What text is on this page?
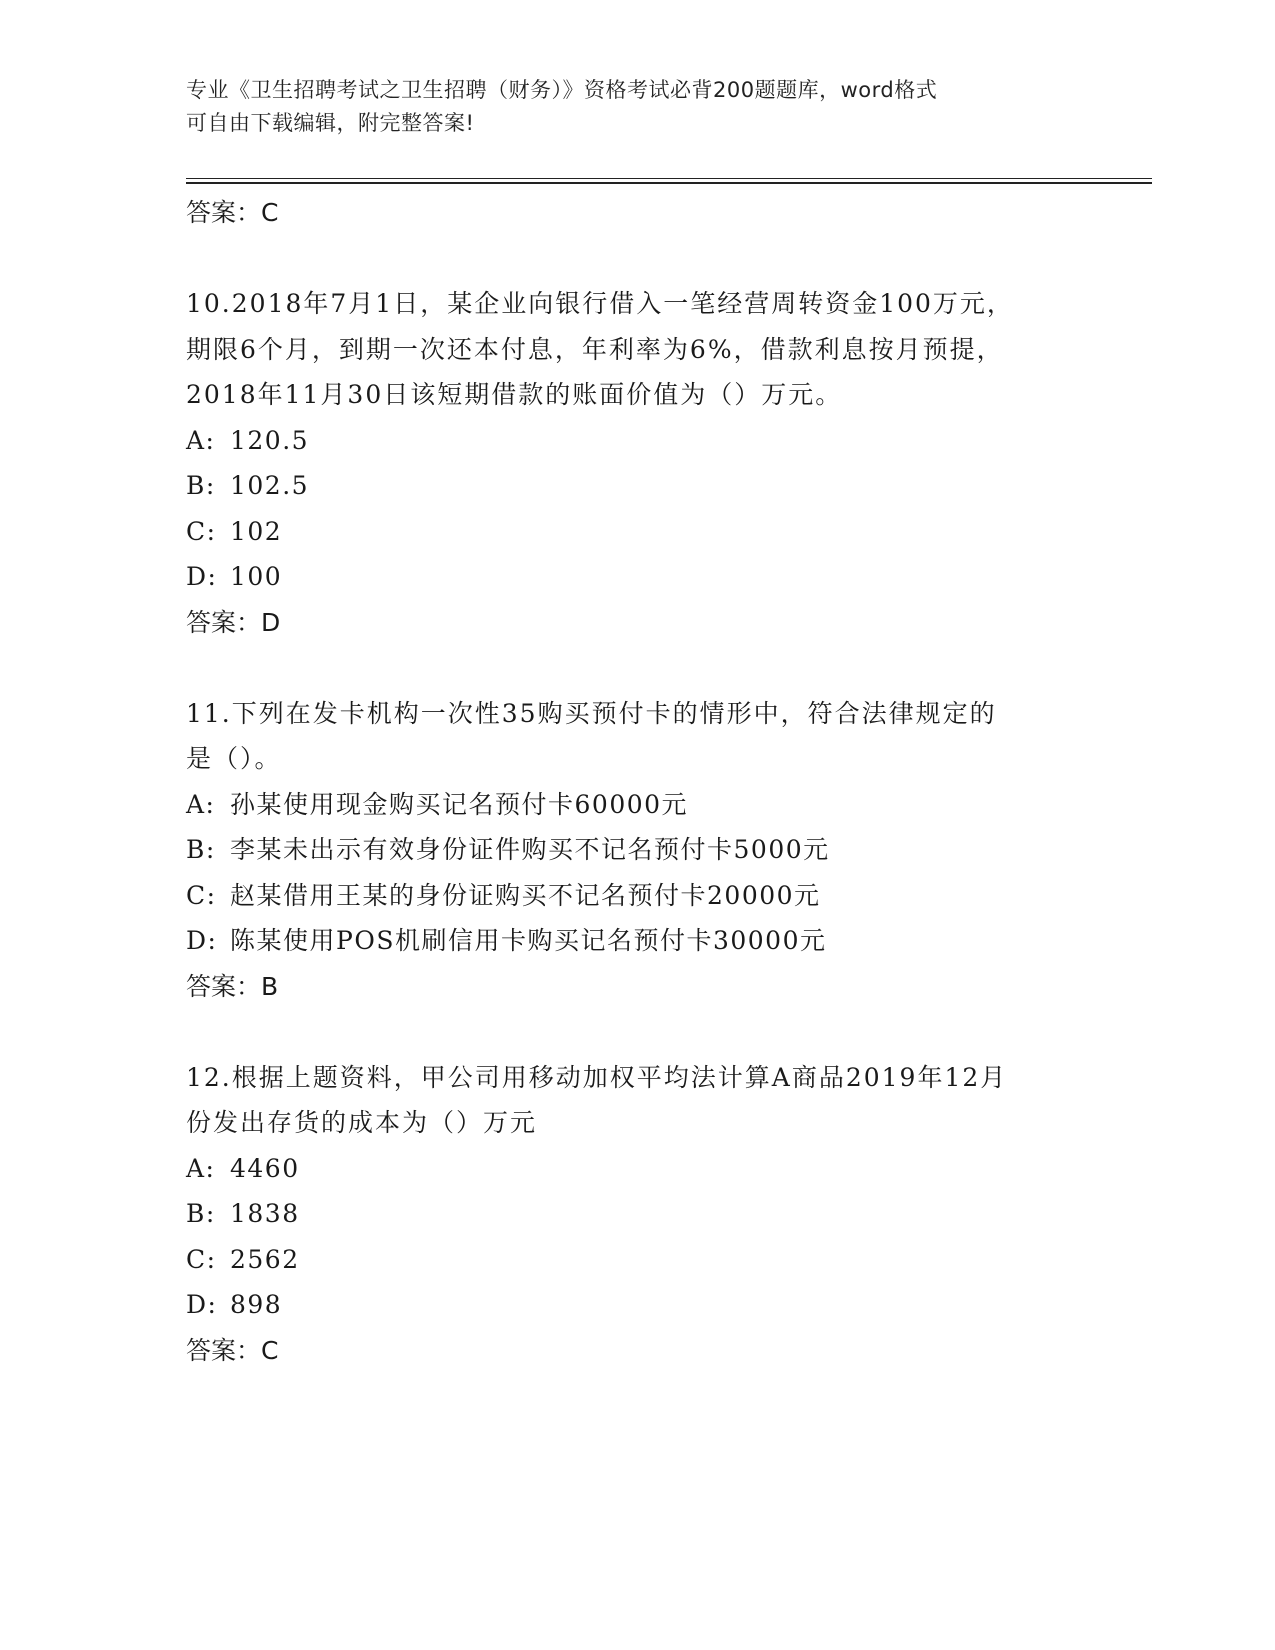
专业《卫生招聘考试之卫生招聘（财务）》资格考试必背200题题库，word格式
可自由下载编辑，附完整答案!
答案：C

10.2018年7月1日，某企业向银行借入一笔经营周转资金100万元，

期限6个月，到期一次还本付息，年利率为6%，借款利息按月预提，

2018年11月30日该短期借款的账面价值为（）万元。

A: 120.5
B: 102.5
C: 102
D: 100
答案：D

11.下列在发卡机构一次性35购买预付卡的情形中，符合法律规定的

是（）。

A: 孙某使用现金购买记名预付卡60000元
B: 李某未出示有效身份证件购买不记名预付卡5000元
C: 赵某借用王某的身份证购买不记名预付卡20000元
D: 陈某使用POS机刷信用卡购买记名预付卡30000元
答案：B

12.根据上题资料，甲公司用移动加权平均法计算A商品2019年12月

份发出存货的成本为（）万元

A: 4460
B: 1838
C: 2562
D: 898
答案：C
